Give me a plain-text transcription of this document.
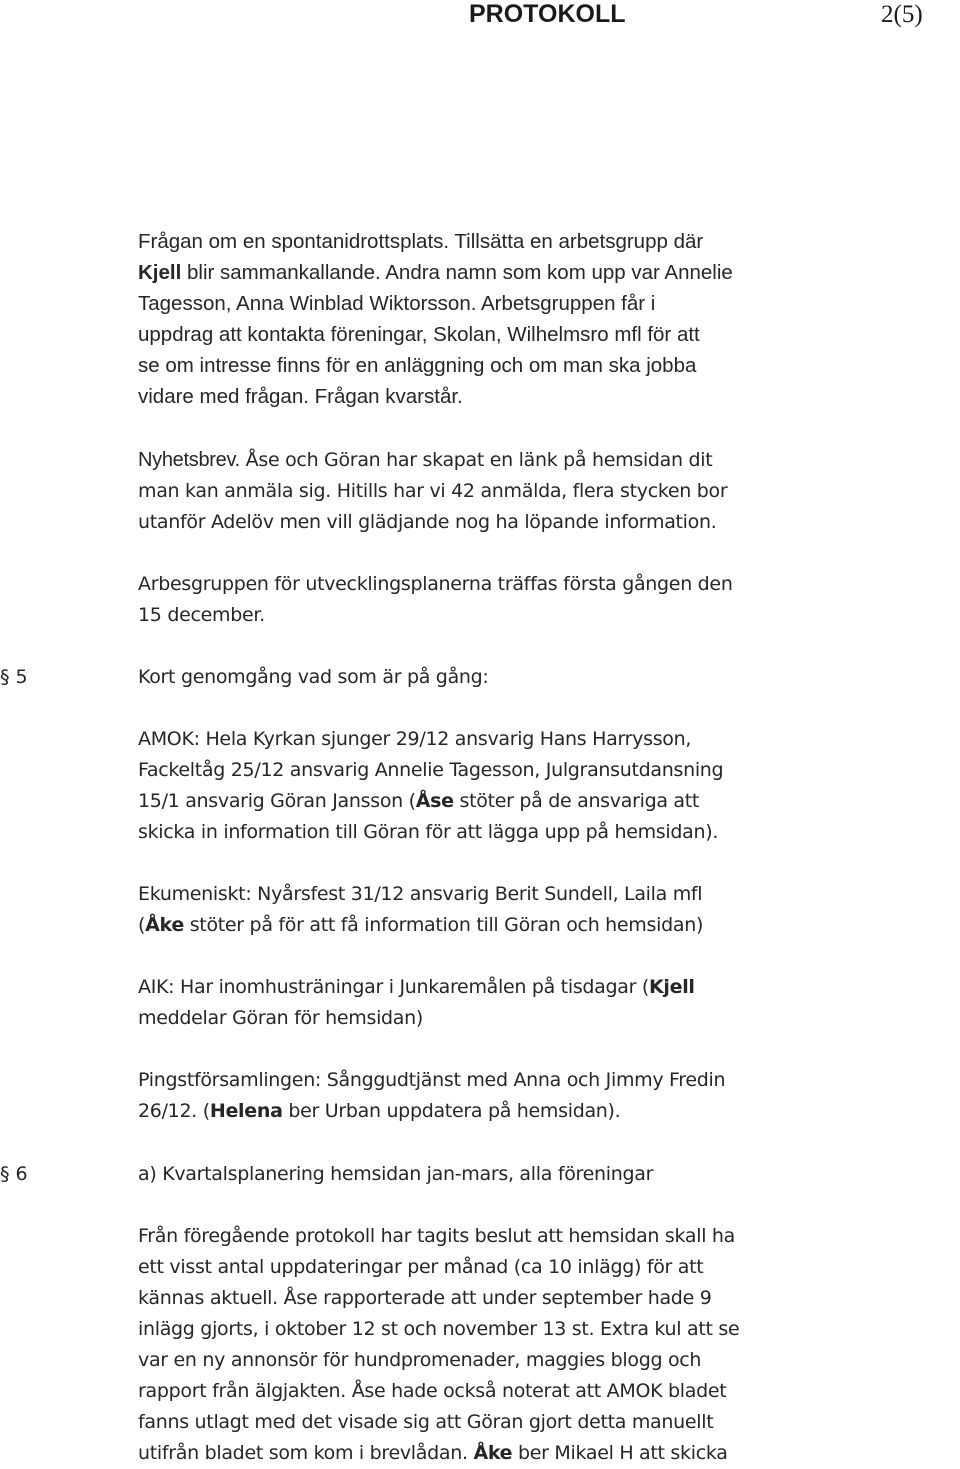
PROTOKOLL	2(5)
Frågan om en spontanidrottsplats. Tillsätta en arbetsgrupp där
Kjell blir sammankallande. Andra namn som kom upp var Annelie
Tagesson, Anna Winblad Wiktorsson. Arbetsgruppen får i
uppdrag att kontakta föreningar, Skolan, Wilhelmsro mfl för att
se om intresse finns för en anläggning och om man ska jobba
vidare med frågan. Frågan kvarstår.
Nyhetsbrev. Åse och Göran har skapat en länk på hemsidan dit
man kan anmäla sig. Hitills har vi 42 anmälda, flera stycken bor
utanför Adelöv men vill glädjande nog ha löpande information.
Arbesgruppen för utvecklingsplanerna träffas första gången den
15 december.
§ 5	Kort genomgång vad som är på gång:
AMOK: Hela Kyrkan sjunger 29/12 ansvarig Hans Harrysson,
Fackeltåg 25/12 ansvarig Annelie Tagesson, Julgransutdansning
15/1 ansvarig Göran Jansson (Åse stöter på de ansvariga att
skicka in information till Göran för att lägga upp på hemsidan).
Ekumeniskt: Nyårsfest 31/12 ansvarig Berit Sundell, Laila mfl
(Åke stöter på för att få information till Göran och hemsidan)
AIK: Har inomhusträningar i Junkaremålen på tisdagar (Kjell
meddelar Göran för hemsidan)
Pingstförsamlingen: Sånggudtjänst med Anna och Jimmy Fredin
26/12. (Helena ber Urban uppdatera på hemsidan).
§ 6	a) Kvartalsplanering hemsidan jan-mars, alla föreningar
Från föregående protokoll har tagits beslut att hemsidan skall ha
ett visst antal uppdateringar per månad (ca 10 inlägg) för att
kännas aktuell. Åse rapporterade att under september hade 9
inlägg gjorts, i oktober 12 st och november 13 st. Extra kul att se
var en ny annonsör för hundpromenader, maggies blogg och
rapport från älgjakten. Åse hade också noterat att AMOK bladet
fanns utlagt med det visade sig att Göran gjort detta manuellt
utifrån bladet som kom i brevlådan. Åke ber Mikael H att skicka
